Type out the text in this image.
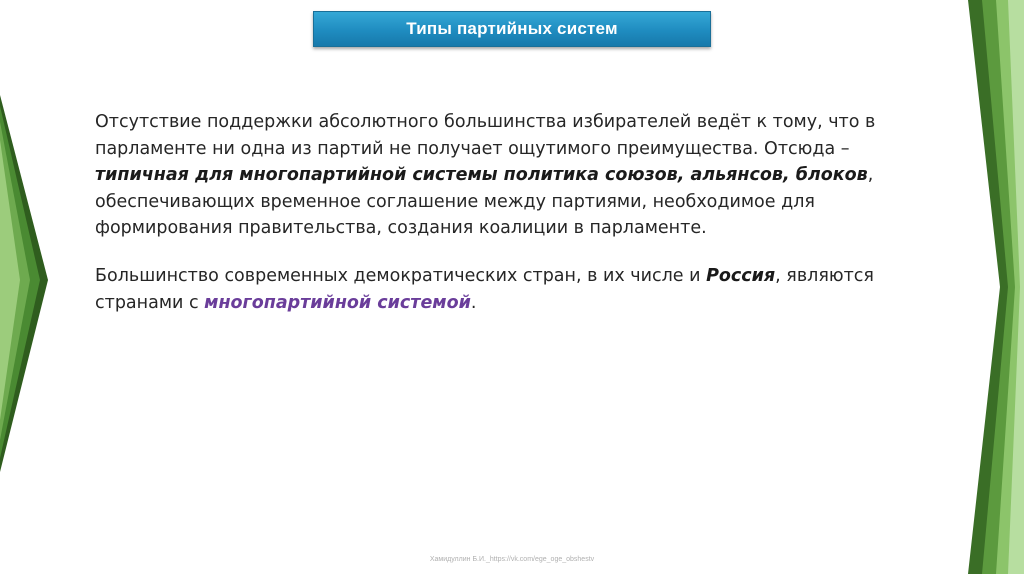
Типы партийных систем

Отсутствие поддержки абсолютного большинства избирателей ведёт к тому, что в парламенте ни одна из партий не получает ощутимого преимущества. Отсюда – типичная для многопартийной системы политика союзов, альянсов, блоков, обеспечивающих временное соглашение между партиями, необходимое для формирования правительства, создания коалиции в парламенте.

Большинство современных демократических стран, в их числе и Россия, являются странами с многопартийной системой.

Хамидуллин Б.И._https://vk.com/ege_oge_obshestv
